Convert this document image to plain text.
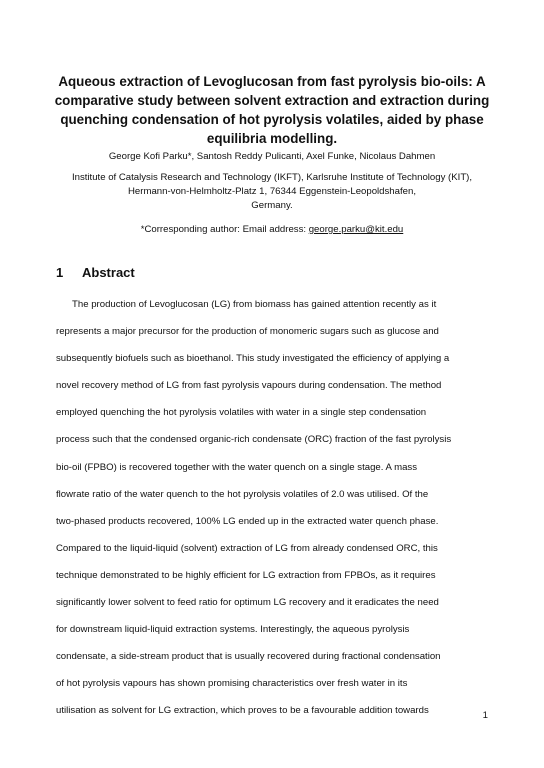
Aqueous extraction of Levoglucosan from fast pyrolysis bio-oils: A comparative study between solvent extraction and extraction during quenching condensation of hot pyrolysis volatiles, aided by phase equilibria modelling.
George Kofi Parku*, Santosh Reddy Pulicanti, Axel Funke, Nicolaus Dahmen
Institute of Catalysis Research and Technology (IKFT), Karlsruhe Institute of Technology (KIT),
Hermann-von-Helmholtz-Platz 1, 76344 Eggenstein-Leopoldshafen,
Germany.
*Corresponding author: Email address: george.parku@kit.edu
1 Abstract
The production of Levoglucosan (LG) from biomass has gained attention recently as it
represents a major precursor for the production of monomeric sugars such as glucose and
subsequently biofuels such as bioethanol. This study investigated the efficiency of applying a
novel recovery method of LG from fast pyrolysis vapours during condensation. The method
employed quenching the hot pyrolysis volatiles with water in a single step condensation
process such that the condensed organic-rich condensate (ORC) fraction of the fast pyrolysis
bio-oil (FPBO) is recovered together with the water quench on a single stage. A mass
flowrate ratio of the water quench to the hot pyrolysis volatiles of 2.0 was utilised. Of the
two-phased products recovered, 100% LG ended up in the extracted water quench phase.
Compared to the liquid-liquid (solvent) extraction of LG from already condensed ORC, this
technique demonstrated to be highly efficient for LG extraction from FPBOs, as it requires
significantly lower solvent to feed ratio for optimum LG recovery and it eradicates the need
for downstream liquid-liquid extraction systems. Interestingly, the aqueous pyrolysis
condensate, a side-stream product that is usually recovered during fractional condensation
of hot pyrolysis vapours has shown promising characteristics over fresh water in its
utilisation as solvent for LG extraction, which proves to be a favourable addition towards	1
